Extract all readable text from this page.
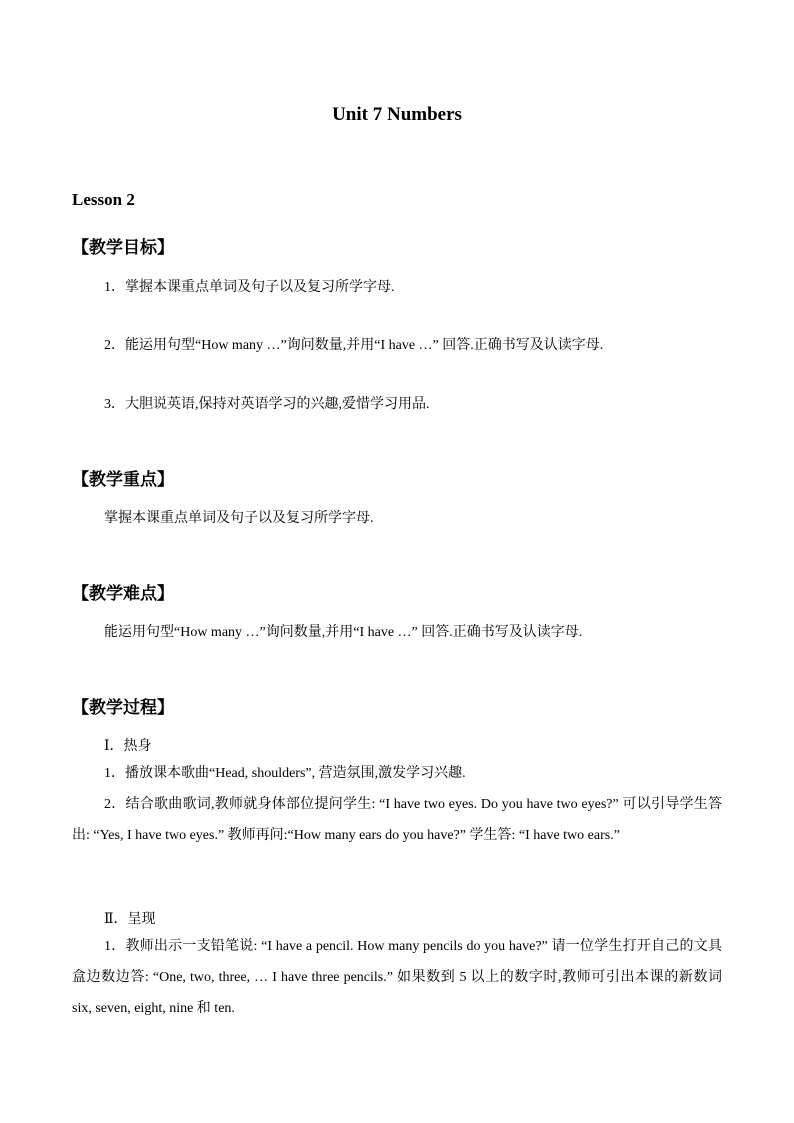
Unit 7 Numbers
Lesson 2
【教学目标】
1．掌握本课重点单词及句子以及复习所学字母.
2．能运用句型“How many …”询问数量,并用“I have …” 回答.正确书写及认读字母.
3．大胆说英语,保持对英语学习的兴趣,爱惜学习用品.
【教学重点】
掌握本课重点单词及句子以及复习所学字母.
【教学难点】
能运用句型“How many …”询问数量,并用“I have …” 回答.正确书写及认读字母.
【教学过程】
Ⅰ．热身
1．播放课本歌曲“Head, shoulders”, 营造氛围,激发学习兴趣.
2．结合歌曲歌词,教师就身体部位提问学生: “I have two eyes. Do you have two eyes?” 可以引导学生答出: “Yes, I have two eyes.” 教师再问:“How many ears do you have?” 学生答: “I have two ears.”
Ⅱ．呈现
1．教师出示一支铅笔说: “I have a pencil. How many pencils do you have?” 请一位学生打开自己的文具盒边数边答: “One, two, three, … I have three pencils.” 如果数到 5 以上的数字时,教师可引出本课的新数词 six, seven, eight, nine 和 ten.
